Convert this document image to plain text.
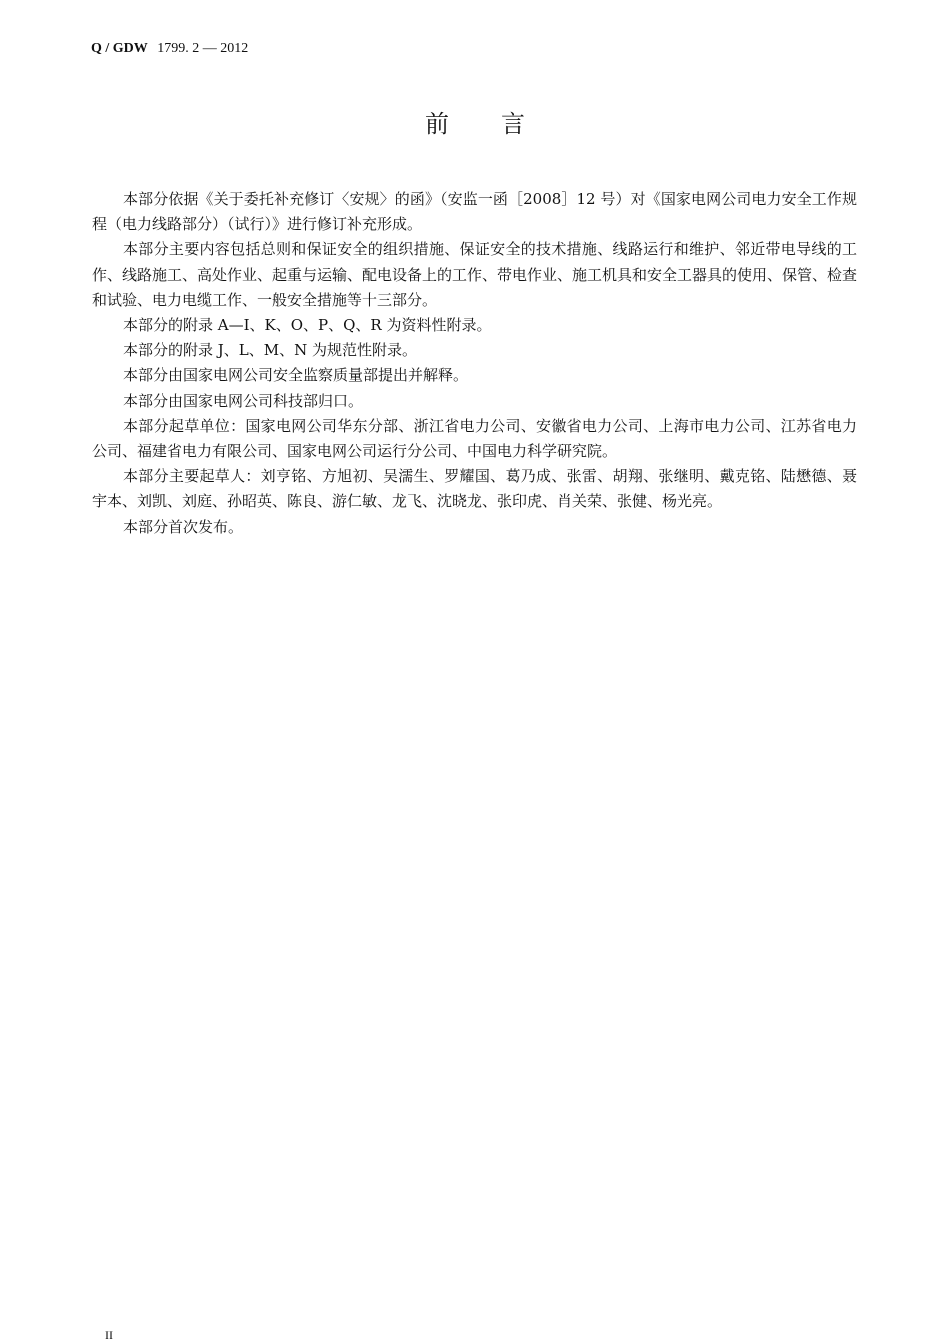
Q / GDW 1799. 2 — 2012
前 言

本部分依据《关于委托补充修订〈安规〉的函》（安监一函［2008］12 号）对《国家电网公司电力安全工作规程（电力线路部分）（试行）》进行修订补充形成。

本部分主要内容包括总则和保证安全的组织措施、保证安全的技术措施、线路运行和维护、邻近带电导线的工作、线路施工、高处作业、起重与运输、配电设备上的工作、带电作业、施工机具和安全工器具的使用、保管、检查和试验、电力电缆工作、一般安全措施等十三部分。

本部分的附录 A—I、K、O、P、Q、R 为资料性附录。

本部分的附录 J、L、M、N 为规范性附录。

本部分由国家电网公司安全监察质量部提出并解释。

本部分由国家电网公司科技部归口。

本部分起草单位：国家电网公司华东分部、浙江省电力公司、安徽省电力公司、上海市电力公司、江苏省电力公司、福建省电力有限公司、国家电网公司运行分公司、中国电力科学研究院。

本部分主要起草人：刘亨铭、方旭初、吴濡生、罗耀国、葛乃成、张雷、胡翔、张继明、戴克铭、陆懋德、聂宇本、刘凯、刘庭、孙昭英、陈良、游仁敏、龙飞、沈晓龙、张印虎、肖关荣、张健、杨光亮。

本部分首次发布。

II
